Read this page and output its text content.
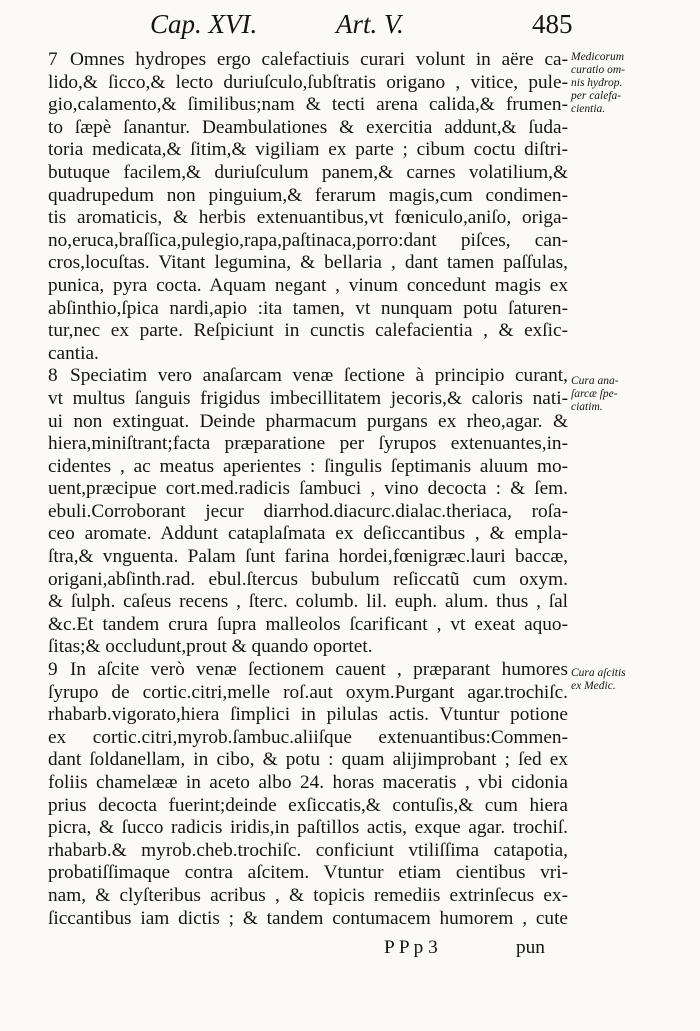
Cap. XVI.	Art. V.	485
7 Omnes hydropes ergo calefactiuis curari volunt in aëre ca-
lido,& ſicco,& lecto duriuſculo,ſubſtratis origano , vitice, pule-
gio,calamento,& ſimilibus;nam & tecti arena calida,& frumen-
to ſæpè ſanantur. Deambulationes & exercitia addunt,& ſuda-
toria medicata,& ſitim,& vigiliam ex parte ; cibum coctu diſtri-
butuque facilem,& duriuſculum panem,& carnes volatilium,&
quadrupedum non pinguium,& ferarum magis,cum condimen-
tis aromaticis, & herbis extenuantibus,vt fœniculo,aniſo, origa-
no,eruca,braſſica,pulegio,rapa,paſtinaca,porro:dant piſces, can-
cros,locuſtas. Vitant legumina, & bellaria , dant tamen paſſulas,
punica, pyra cocta. Aquam negant , vinum concedunt magis ex
abſinthio,ſpica nardi,apio :ita tamen, vt nunquam potu ſaturen-
tur,nec ex parte. Reſpiciunt in cunctis calefacientia , & exſic-
cantia.
8 Speciatim vero anaſarcam venæ ſectione à principio curant,
vt multus ſanguis frigidus imbecillitatem jecoris,& caloris nati-
ui non extinguat. Deinde pharmacum purgans ex rheo,agar. &
hiera,miniſtrant;facta præparatione per ſyrupos extenuantes,in-
cidentes , ac meatus aperientes : ſingulis ſeptimanis aluum mo-
uent,præcipue cort.med.radicis ſambuci , vino decocta : & ſem.
ebuli.Corroborant jecur diarrhod.diacurc.dialac.theriaca, roſa-
ceo aromate. Addunt cataplaſmata ex deſiccantibus , & empla-
ſtra,& vnguenta. Palam ſunt farina hordei,fœnigræc.lauri baccæ,
origani,abſinth.rad. ebul.ſtercus bubulum reſiccatũ cum oxym.
& ſulph. caſeus recens , ſterc. columb. lil. euph. alum. thus , ſal
&c.Et tandem crura ſupra malleolos ſcarificant , vt exeat aquo-
ſitas;& occludunt,prout & quando oportet.
9 In aſcite verò venæ ſectionem cauent , præparant humores
ſyrupo de cortic.citri,melle roſ.aut oxym.Purgant agar.trochiſc.
rhabarb.vigorato,hiera ſimplici in pilulas actis. Vtuntur potione
ex cortic.citri,myrob.ſambuc.aliiſque extenuantibus:Commen-
dant ſoldanellam, in cibo, & potu : quam alijimprobant ; ſed ex
foliis chamelææ in aceto albo 24. horas maceratis , vbi cidonia
prius decocta fuerint;deinde exſiccatis,& contuſis,& cum hiera
picra, & ſucco radicis iridis,in paſtillos actis, exque agar. trochiſ.
rhabarb.& myrob.cheb.trochiſc. conficiunt vtiliſſima catapotia,
probatiſſimaque contra aſcitem. Vtuntur etiam cientibus vri-
nam, & clyſteribus acribus , & topicis remediis extrinſecus ex-
ſiccantibus iam dictis ; & tandem contumacem humorem , cute
Medicorum
curatio om-
nis hydrop.
per calefa-
cientia.
Cura ana-
ſarcæ ſpe-
ciatim.
Cura aſcitis
ex Medic.
P P p 3	pun
